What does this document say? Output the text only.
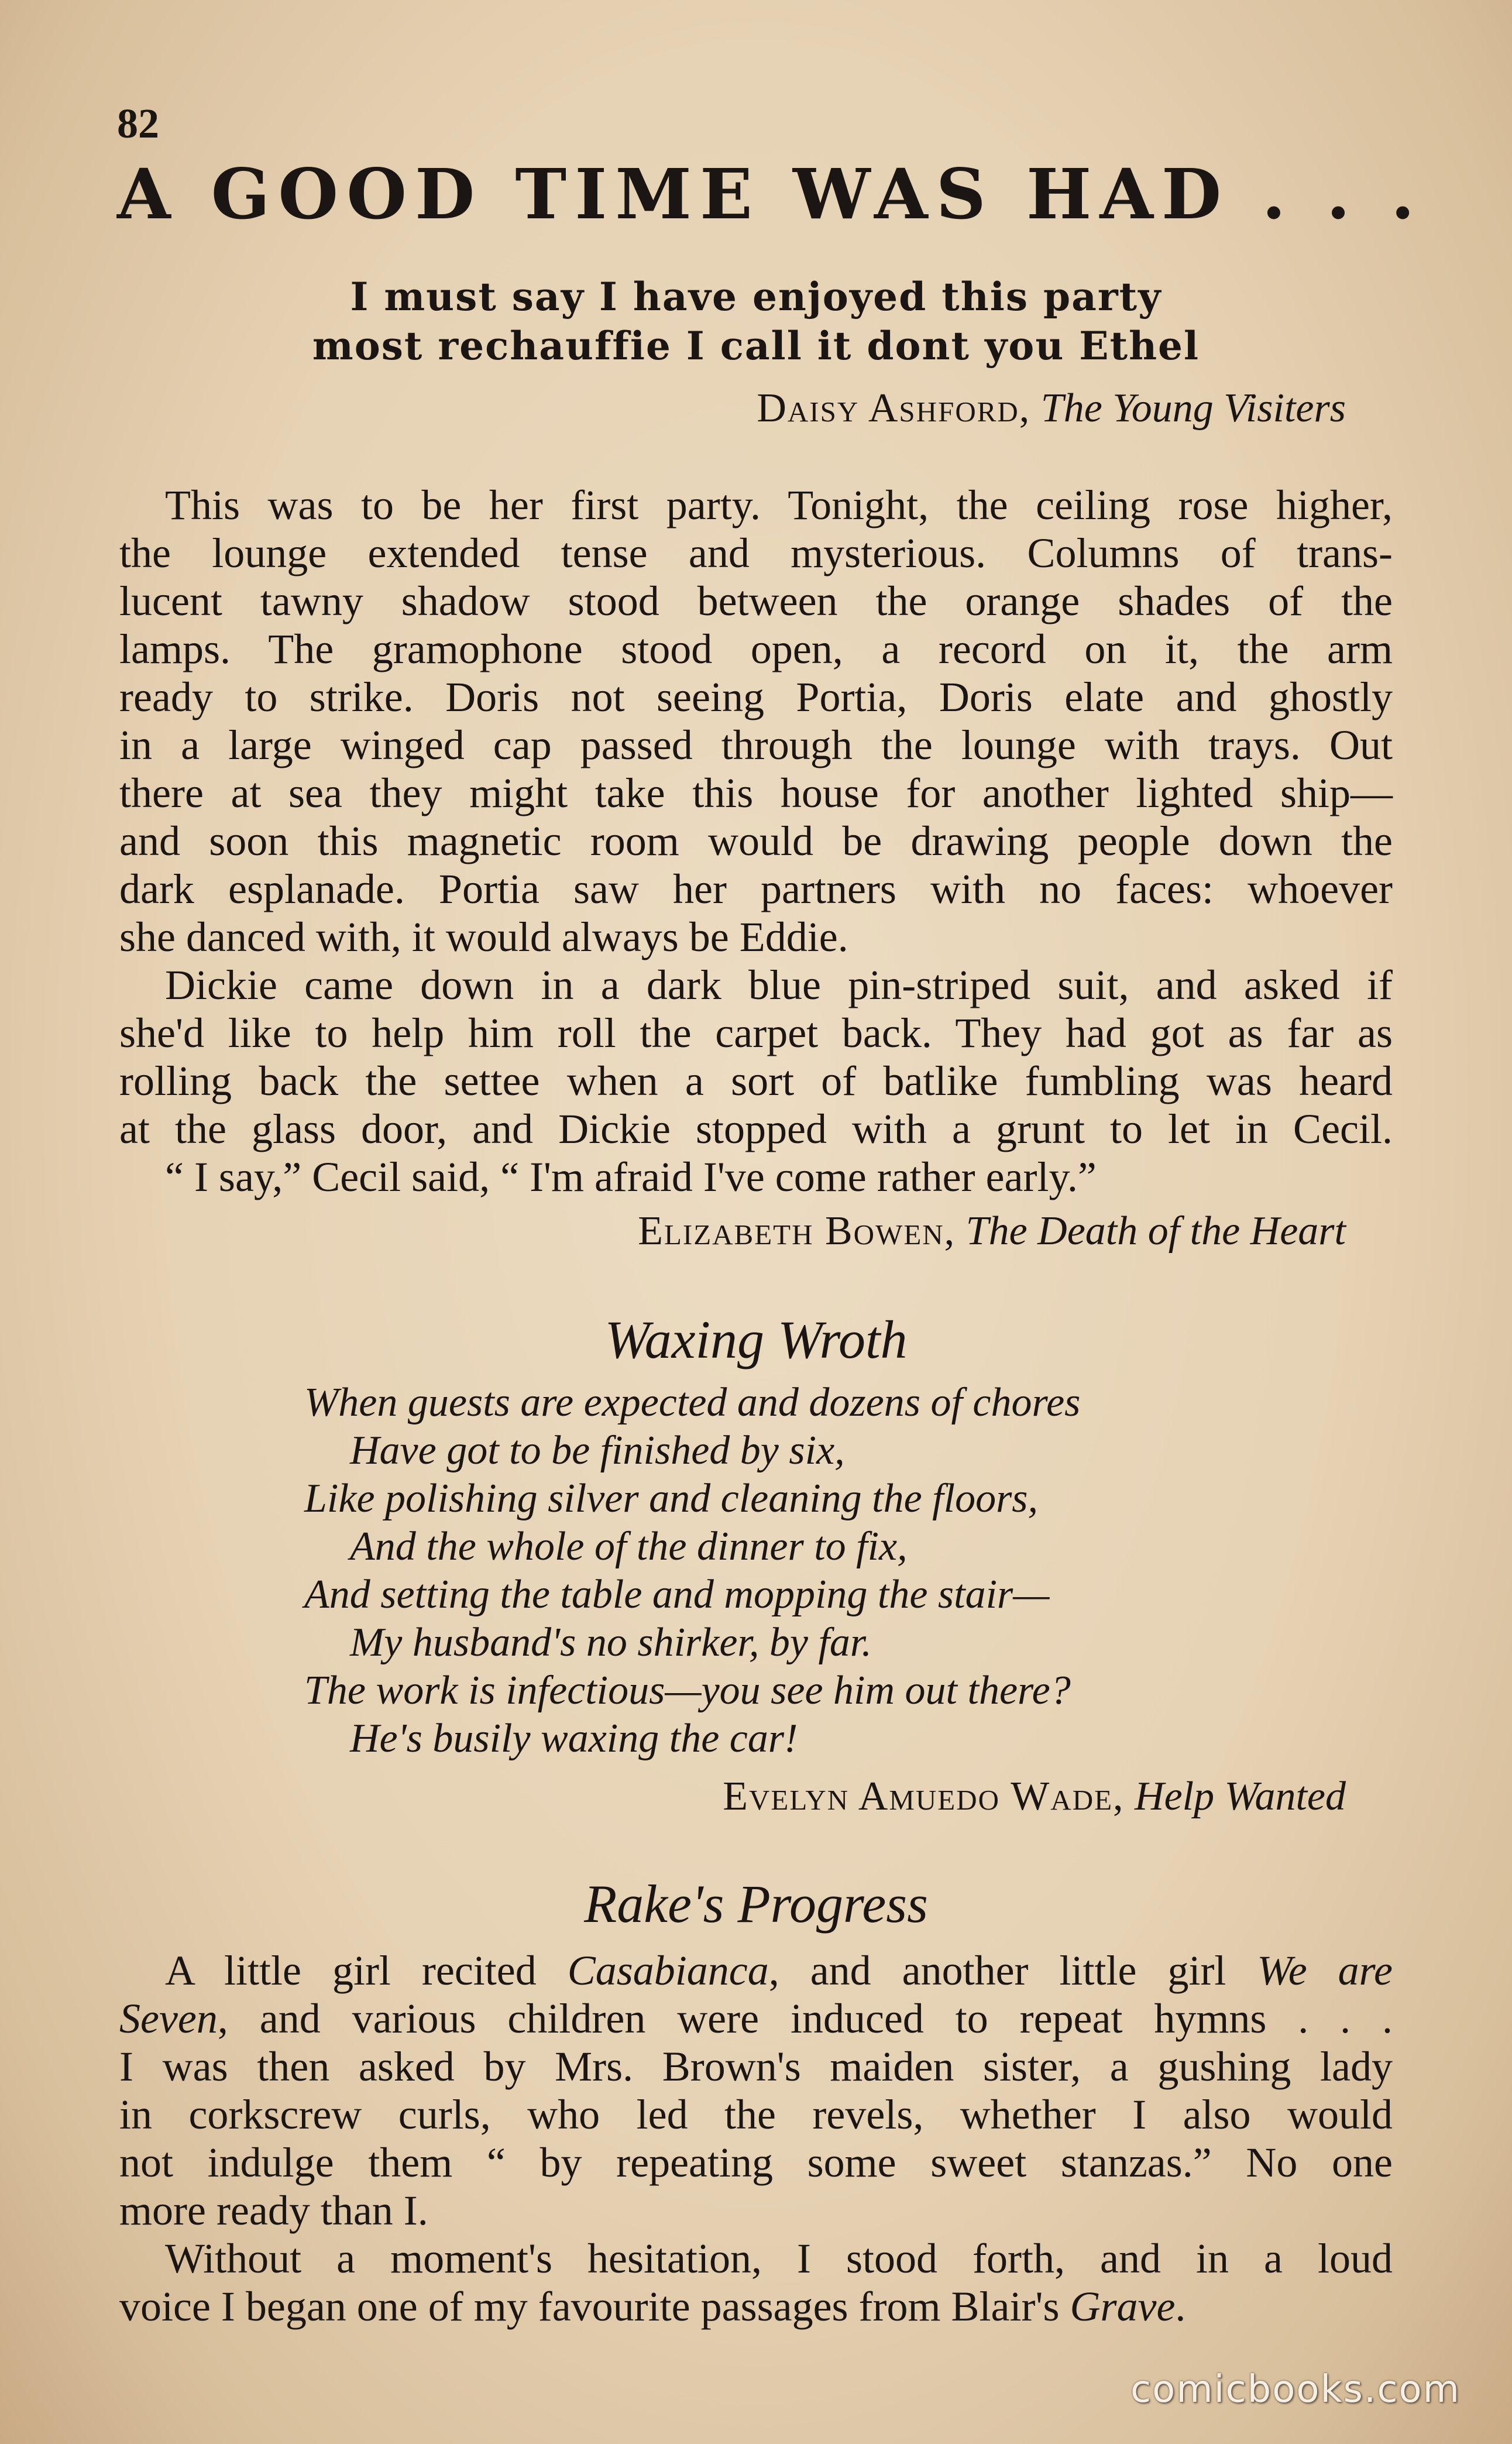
82
A GOOD TIME WAS HAD . . .
I must say I have enjoyed this party
most rechauffie I call it dont you Ethel
Daisy Ashford, The Young Visiters
This was to be her first party. Tonight, the ceiling rose higher,
the lounge extended tense and mysterious. Columns of trans-
lucent tawny shadow stood between the orange shades of the
lamps. The gramophone stood open, a record on it, the arm
ready to strike. Doris not seeing Portia, Doris elate and ghostly
in a large winged cap passed through the lounge with trays. Out
there at sea they might take this house for another lighted ship—
and soon this magnetic room would be drawing people down the
dark esplanade. Portia saw her partners with no faces: whoever
she danced with, it would always be Eddie.
Dickie came down in a dark blue pin-striped suit, and asked if
she'd like to help him roll the carpet back. They had got as far as
rolling back the settee when a sort of batlike fumbling was heard
at the glass door, and Dickie stopped with a grunt to let in Cecil.
“ I say,” Cecil said, “ I'm afraid I've come rather early.”
Elizabeth Bowen, The Death of the Heart
Waxing Wroth
When guests are expected and dozens of chores
Have got to be finished by six,
Like polishing silver and cleaning the floors,
And the whole of the dinner to fix,
And setting the table and mopping the stair—
My husband's no shirker, by far.
The work is infectious—you see him out there?
He's busily waxing the car!
Evelyn Amuedo Wade, Help Wanted
Rake's Progress
A little girl recited Casabianca, and another little girl We are
Seven, and various children were induced to repeat hymns . . .
I was then asked by Mrs. Brown's maiden sister, a gushing lady
in corkscrew curls, who led the revels, whether I also would
not indulge them “ by repeating some sweet stanzas.” No one
more ready than I.
Without a moment's hesitation, I stood forth, and in a loud
voice I began one of my favourite passages from Blair's Grave.
comicbooks.com
